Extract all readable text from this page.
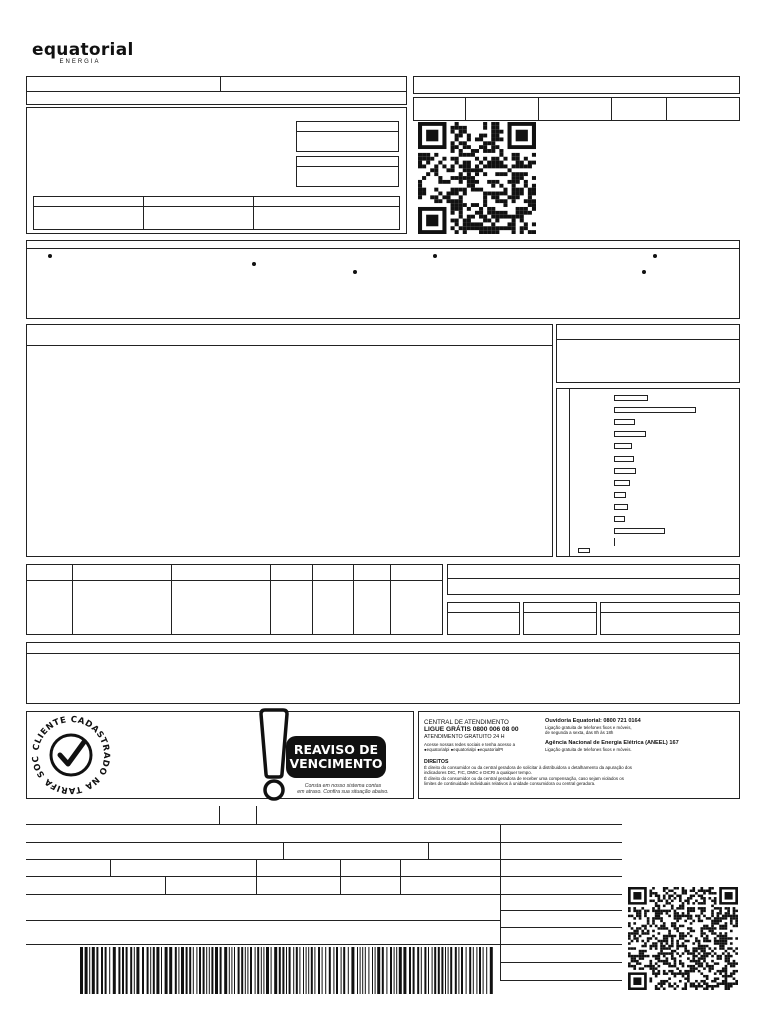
equatorial
ENERGIA
CLIENTE CADASTRADO NA TARIFA SOC
REAVISO DE
VENCIMENTO
Consta em nosso sistema contas
em atraso. Confira sua situação abaixo.
CENTRAL DE ATENDIMENTO
LIGUE GRÁTIS 0800 006 08 00
ATENDIMENTO GRATUITO 24 H
Acesse nossas redes sociais e tenha acesso a
●equatorialpi ●equatorialpi ●equatorialPI
Ouvidoria Equatorial: 0800 721 0164
Ligação gratuita de telefones fixos e móveis,
de segunda a sexta, das 8h às 18h
Agência Nacional de Energia Elétrica (ANEEL) 167
Ligação gratuita de telefones fixos e móveis.
DIREITOS
É direito do consumidor ou da central geradora de solicitar à distribuidora o detalhamento da apuração dos
indicadores DIC, FIC, DMIC e DICRI a qualquer tempo.
É direito do consumidor ou da central geradora de receber uma compensação, caso sejam violados os
limites de continuidade individuais relativos à unidade consumidora ou central geradora.
